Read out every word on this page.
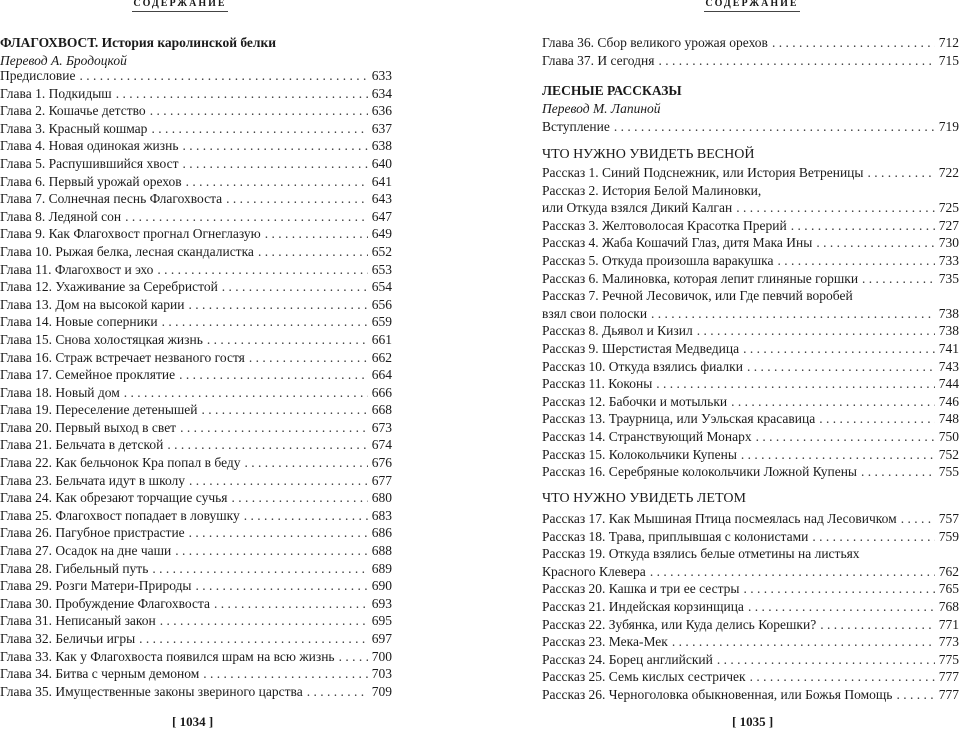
СОДЕРЖАНИЕ
ФЛАГОХВОСТ. История каролинской белки
Перевод А. Бродоцкой
Предисловие . . .	633
Глава 1. Подкидыш . . .	634
Глава 2. Кошачье детство . . .	636
Глава 3. Красный кошмар . . .	637
Глава 4. Новая одинокая жизнь . . .	638
Глава 5. Распушившийся хвост . . .	640
Глава 6. Первый урожай орехов . . .	641
Глава 7. Солнечная песнь Флагохвоста . . .	643
Глава 8. Ледяной сон . . .	647
Глава 9. Как Флагохвост прогнал Огнеглазую . . .	649
Глава 10. Рыжая белка, лесная скандалистка . . .	652
Глава 11. Флагохвост и эхо . . .	653
Глава 12. Ухаживание за Серебристой . . .	654
Глава 13. Дом на высокой карии . . .	656
Глава 14. Новые соперники . . .	659
Глава 15. Снова холостяцкая жизнь . . .	661
Глава 16. Страж встречает незваного гостя . . .	662
Глава 17. Семейное проклятие . . .	664
Глава 18. Новый дом . . .	666
Глава 19. Переселение детенышей . . .	668
Глава 20. Первый выход в свет . . .	673
Глава 21. Бельчата в детской . . .	674
Глава 22. Как бельчонок Кра попал в беду . . .	676
Глава 23. Бельчата идут в школу . . .	677
Глава 24. Как обрезают торчащие сучья . . .	680
Глава 25. Флагохвост попадает в ловушку . . .	683
Глава 26. Пагубное пристрастие . . .	686
Глава 27. Осадок на дне чаши . . .	688
Глава 28. Гибельный путь . . .	689
Глава 29. Розги Матери-Природы . . .	690
Глава 30. Пробуждение Флагохвоста . . .	693
Глава 31. Неписаный закон . . .	695
Глава 32. Беличьи игры . . .	697
Глава 33. Как у Флагохвоста появился шрам на всю жизнь . . .	700
Глава 34. Битва с черным демоном . . .	703
Глава 35. Имущественные законы звериного царства . . .	709
[ 1034 ]
СОДЕРЖАНИЕ
Глава 36. Сбор великого урожая орехов . . .	712
Глава 37. И сегодня . . .	715
ЛЕСНЫЕ РАССКАЗЫ
Перевод М. Лапиной
Вступление . . .	719
ЧТО НУЖНО УВИДЕТЬ ВЕСНОЙ
Рассказ 1. Синий Подснежник, или История Ветреницы . . .	722
Рассказ 2. История Белой Малиновки,
или Откуда взялся Дикий Калган . . .	725
Рассказ 3. Желтоволосая Красотка Прерий . . .	727
Рассказ 4. Жаба Кошачий Глаз, дитя Мака Ины . . .	730
Рассказ 5. Откуда произошла варакушка . . .	733
Рассказ 6. Малиновка, которая лепит глиняные горшки . . .	735
Рассказ 7. Речной Лесовичок, или Где певчий воробей
взял свои полоски . . .	738
Рассказ 8. Дьявол и Кизил . . .	738
Рассказ 9. Шерстистая Медведица . . .	741
Рассказ 10. Откуда взялись фиалки . . .	743
Рассказ 11. Коконы . . .	744
Рассказ 12. Бабочки и мотыльки . . .	746
Рассказ 13. Траурница, или Уэльская красавица . . .	748
Рассказ 14. Странствующий Монарх . . .	750
Рассказ 15. Колокольчики Купены . . .	752
Рассказ 16. Серебряные колокольчики Ложной Купены . . .	755
ЧТО НУЖНО УВИДЕТЬ ЛЕТОМ
Рассказ 17. Как Мышиная Птица посмеялась над Лесовичком . . .	757
Рассказ 18. Трава, приплывшая с колонистами . . .	759
Рассказ 19. Откуда взялись белые отметины на листьях
Красного Клевера . . .	762
Рассказ 20. Кашка и три ее сестры . . .	765
Рассказ 21. Индейская корзинщица . . .	768
Рассказ 22. Зубянка, или Куда делись Корешки? . . .	771
Рассказ 23. Мека-Мек . . .	773
Рассказ 24. Борец английский . . .	775
Рассказ 25. Семь кислых сестричек . . .	777
Рассказ 26. Черноголовка обыкновенная, или Божья Помощь . . .	777
[ 1035 ]
